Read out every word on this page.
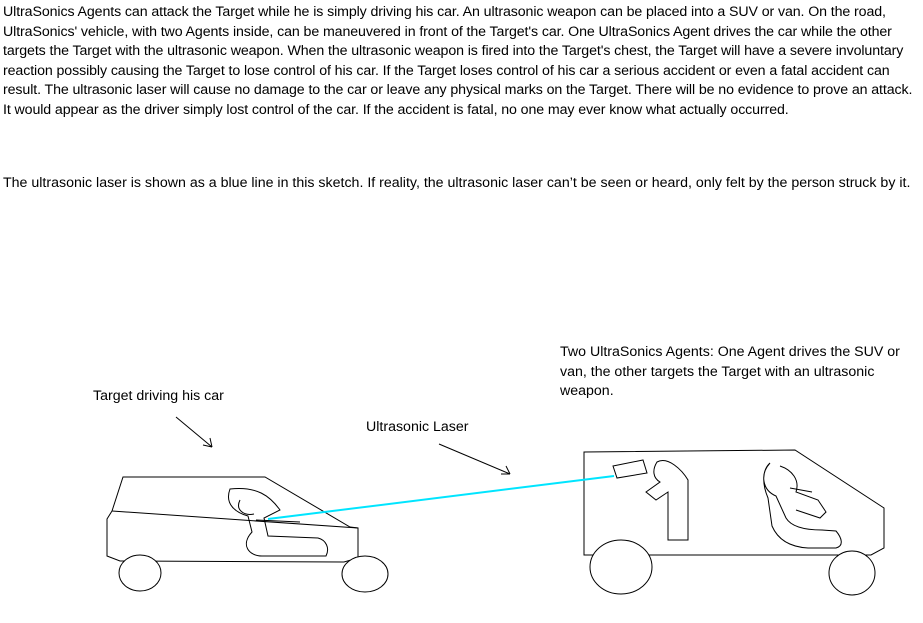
UltraSonics Agents can attack the Target while he is simply driving his car. An ultrasonic weapon can be placed into a SUV or van. On the road, UltraSonics' vehicle, with two Agents inside, can be maneuvered in front of the Target's car. One UltraSonics Agent drives the car while the other targets the Target with the ultrasonic weapon. When the ultrasonic weapon is fired into the Target's chest, the Target will have a severe involuntary reaction possibly causing the Target to lose control of his car. If the Target loses control of his car a serious accident or even a fatal accident can result. The ultrasonic laser will cause no damage to the car or leave any physical marks on the Target. There will be no evidence to prove an attack. It would appear as the driver simply lost control of the car. If the accident is fatal, no one may ever know what actually occurred.

The ultrasonic laser is shown as a blue line in this sketch. If reality, the ultrasonic laser can’t be seen or heard, only felt by the person struck by it.

Target driving his car

Ultrasonic Laser

Two UltraSonics Agents: One Agent drives the SUV or van, the other targets the Target with an ultrasonic weapon.
